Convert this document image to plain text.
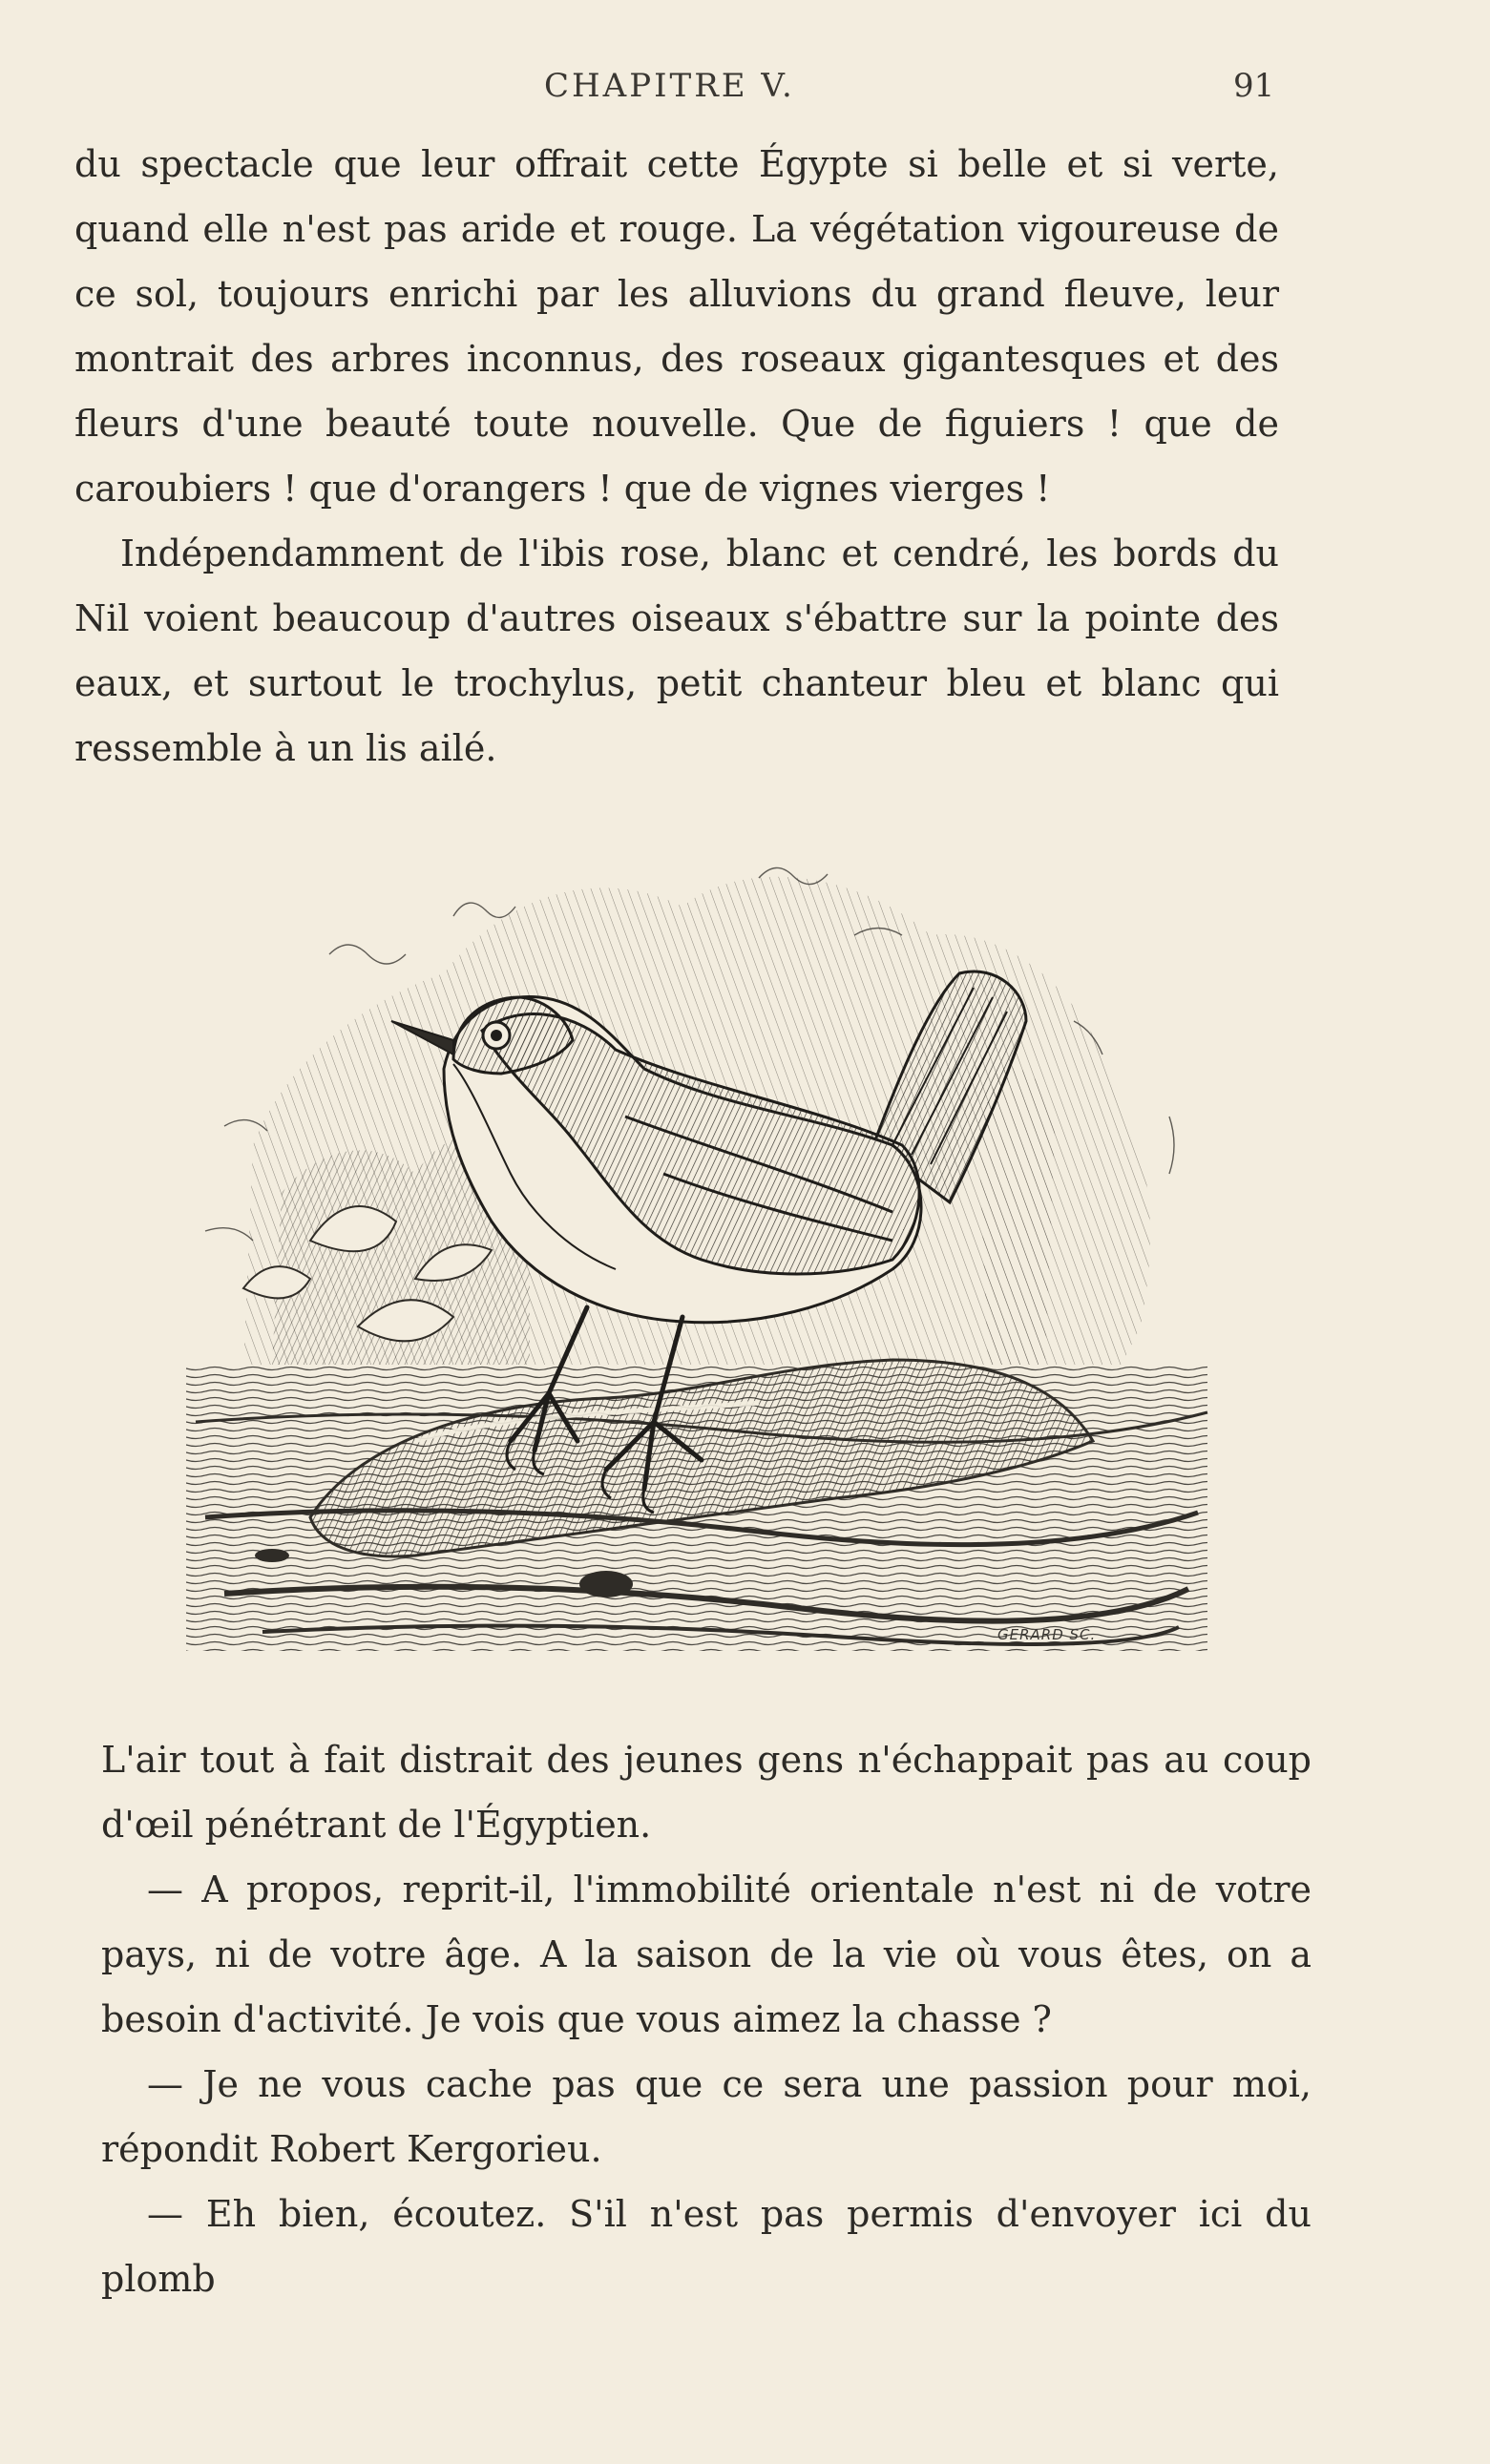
CHAPITRE V.	91

du spectacle que leur offrait cette Égypte si belle et si verte, quand elle n'est pas aride et rouge. La végétation vigoureuse de ce sol, toujours enrichi par les alluvions du grand fleuve, leur montrait des arbres inconnus, des roseaux gigantesques et des fleurs d'une beauté toute nouvelle. Que de figuiers ! que de caroubiers ! que d'orangers ! que de vignes vierges !

Indépendamment de l'ibis rose, blanc et cendré, les bords du Nil voient beaucoup d'autres oiseaux s'ébattre sur la pointe des eaux, et surtout le trochylus, petit chanteur bleu et blanc qui ressemble à un lis ailé.

GERARD SC.

L'air tout à fait distrait des jeunes gens n'échappait pas au coup d'œil pénétrant de l'Égyptien.

— A propos, reprit-il, l'immobilité orientale n'est ni de votre pays, ni de votre âge. A la saison de la vie où vous êtes, on a besoin d'activité. Je vois que vous aimez la chasse ?

— Je ne vous cache pas que ce sera une passion pour moi, répondit Robert Kergorieu.

— Eh bien, écoutez. S'il n'est pas permis d'envoyer ici du plomb
